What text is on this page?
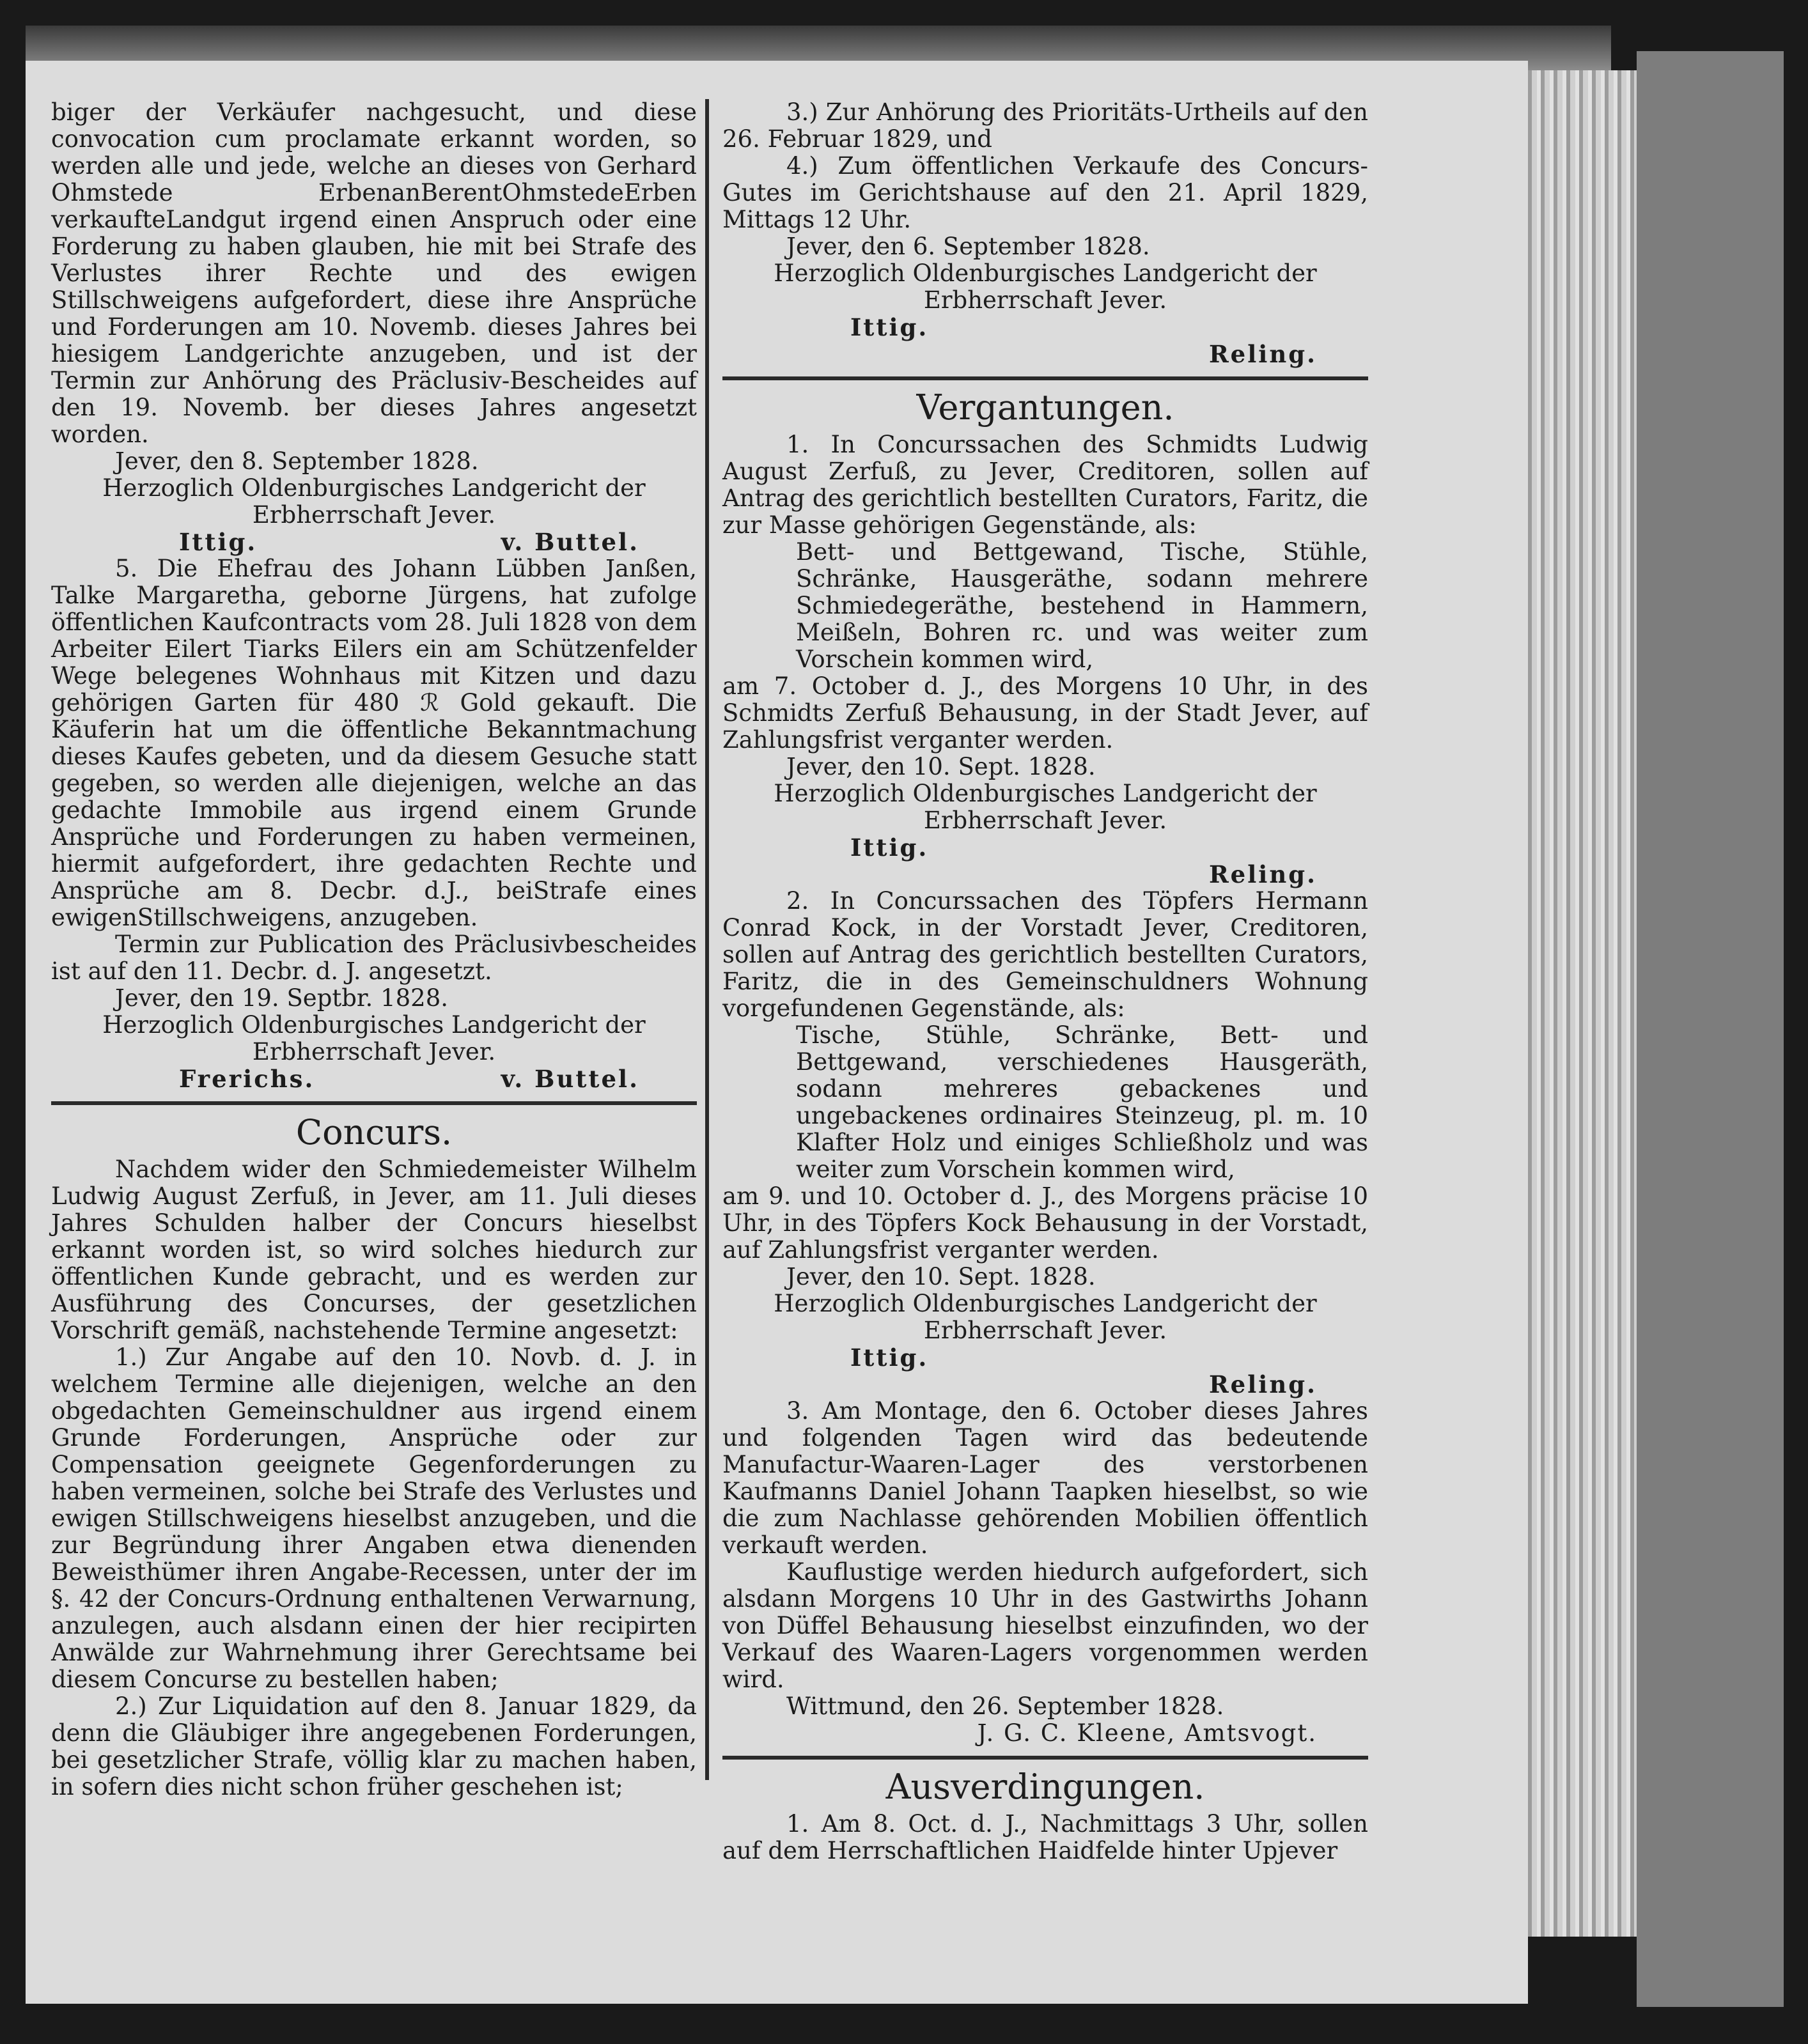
biger der Verkäufer nachgesucht, und diese convocation cum proclamate erkannt worden, so werden alle und jede, welche an dieses von Gerhard Ohmstede ErbenanBerentOhmstedeErben verkaufteLandgut irgend einen Anspruch oder eine Forderung zu haben glauben, hie mit bei Strafe des Verlustes ihrer Rechte und des ewigen Stillschweigens aufgefordert, diese ihre Ansprüche und Forderungen am 10. Novemb. dieses Jahres bei hiesigem Landgerichte anzugeben, und ist der Termin zur Anhörung des Präclusiv-Bescheides auf den 19. Novemb. ber dieses Jahres angesetzt worden.

Jever, den 8. September 1828.
Herzoglich Oldenburgisches Landgericht der Erbherrschaft Jever.
Ittig.	v. Buttel.

5. Die Ehefrau des Johann Lübben Janßen, Talke Margaretha, geborne Jürgens, hat zufolge öffentlichen Kaufcontracts vom 28. Juli 1828 von dem Arbeiter Eilert Tiarks Eilers ein am Schützenfelder Wege belegenes Wohnhaus mit Kitzen und dazu gehörigen Garten für 480 ℛ Gold gekauft. Die Käuferin hat um die öffentliche Bekanntmachung dieses Kaufes gebeten, und da diesem Gesuche statt gegeben, so werden alle diejenigen, welche an das gedachte Immobile aus irgend einem Grunde Ansprüche und Forderungen zu haben vermeinen, hiermit aufgefordert, ihre gedachten Rechte und Ansprüche am 8. Decbr. d.J., beiStrafe eines ewigenStillschweigens, anzugeben.

Termin zur Publication des Präclusivbescheides ist auf den 11. Decbr. d. J. angesetzt.

Jever, den 19. Septbr. 1828.
Herzoglich Oldenburgisches Landgericht der Erbherrschaft Jever.
Frerichs.	v. Buttel.
Concurs.

Nachdem wider den Schmiedemeister Wilhelm Ludwig August Zerfuß, in Jever, am 11. Juli dieses Jahres Schulden halber der Concurs hieselbst erkannt worden ist, so wird solches hiedurch zur öffentlichen Kunde gebracht, und es werden zur Ausführung des Concurses, der gesetzlichen Vorschrift gemäß, nachstehende Termine angesetzt:

1.) Zur Angabe auf den 10. Novb. d. J. in welchem Termine alle diejenigen, welche an den obgedachten Gemeinschuldner aus irgend einem Grunde Forderungen, Ansprüche oder zur Compensation geeignete Gegenforderungen zu haben vermeinen, solche bei Strafe des Verlustes und ewigen Stillschweigens hieselbst anzugeben, und die zur Begründung ihrer Angaben etwa dienenden Beweisthümer ihren Angabe-Recessen, unter der im §. 42 der Concurs-Ordnung enthaltenen Verwarnung, anzulegen, auch alsdann einen der hier recipirten Anwälde zur Wahrnehmung ihrer Gerechtsame bei diesem Concurse zu bestellen haben;

2.) Zur Liquidation auf den 8. Januar 1829, da denn die Gläubiger ihre angegebenen Forderungen, bei gesetzlicher Strafe, völlig klar zu machen haben, in sofern dies nicht schon früher geschehen ist;

3.) Zur Anhörung des Prioritäts-Urtheils auf den 26. Februar 1829, und

4.) Zum öffentlichen Verkaufe des Concurs-Gutes im Gerichtshause auf den 21. April 1829, Mittags 12 Uhr.

Jever, den 6. September 1828.
Herzoglich Oldenburgisches Landgericht der Erbherrschaft Jever.
Ittig.
Reling.
Vergantungen.

1. In Concurssachen des Schmidts Ludwig August Zerfuß, zu Jever, Creditoren, sollen auf Antrag des gerichtlich bestellten Curators, Faritz, die zur Masse gehörigen Gegenstände, als:

Bett- und Bettgewand, Tische, Stühle, Schränke, Hausgeräthe, sodann mehrere Schmiedegeräthe, bestehend in Hammern, Meißeln, Bohren rc. und was weiter zum Vorschein kommen wird,

am 7. October d. J., des Morgens 10 Uhr, in des Schmidts Zerfuß Behausung, in der Stadt Jever, auf Zahlungsfrist verganter werden.

Jever, den 10. Sept. 1828.
Herzoglich Oldenburgisches Landgericht der Erbherrschaft Jever.
Ittig.
Reling.

2. In Concurssachen des Töpfers Hermann Conrad Kock, in der Vorstadt Jever, Creditoren, sollen auf Antrag des gerichtlich bestellten Curators, Faritz, die in des Gemeinschuldners Wohnung vorgefundenen Gegenstände, als:

Tische, Stühle, Schränke, Bett- und Bettgewand, verschiedenes Hausgeräth, sodann mehreres gebackenes und ungebackenes ordinaires Steinzeug, pl. m. 10 Klafter Holz und einiges Schließholz und was weiter zum Vorschein kommen wird,

am 9. und 10. October d. J., des Morgens präcise 10 Uhr, in des Töpfers Kock Behausung in der Vorstadt, auf Zahlungsfrist verganter werden.

Jever, den 10. Sept. 1828.
Herzoglich Oldenburgisches Landgericht der Erbherrschaft Jever.
Ittig.
Reling.

3. Am Montage, den 6. October dieses Jahres und folgenden Tagen wird das bedeutende Manufactur-Waaren-Lager des verstorbenen Kaufmanns Daniel Johann Taapken hieselbst, so wie die zum Nachlasse gehörenden Mobilien öffentlich verkauft werden.

Kauflustige werden hiedurch aufgefordert, sich alsdann Morgens 10 Uhr in des Gastwirths Johann von Düffel Behausung hieselbst einzufinden, wo der Verkauf des Waaren-Lagers vorgenommen werden wird.

Wittmund, den 26. September 1828.
J. G. C. Kleene, Amtsvogt.
Ausverdingungen.

1. Am 8. Oct. d. J., Nachmittags 3 Uhr, sollen auf dem Herrschaftlichen Haidfelde hinter Upjever
